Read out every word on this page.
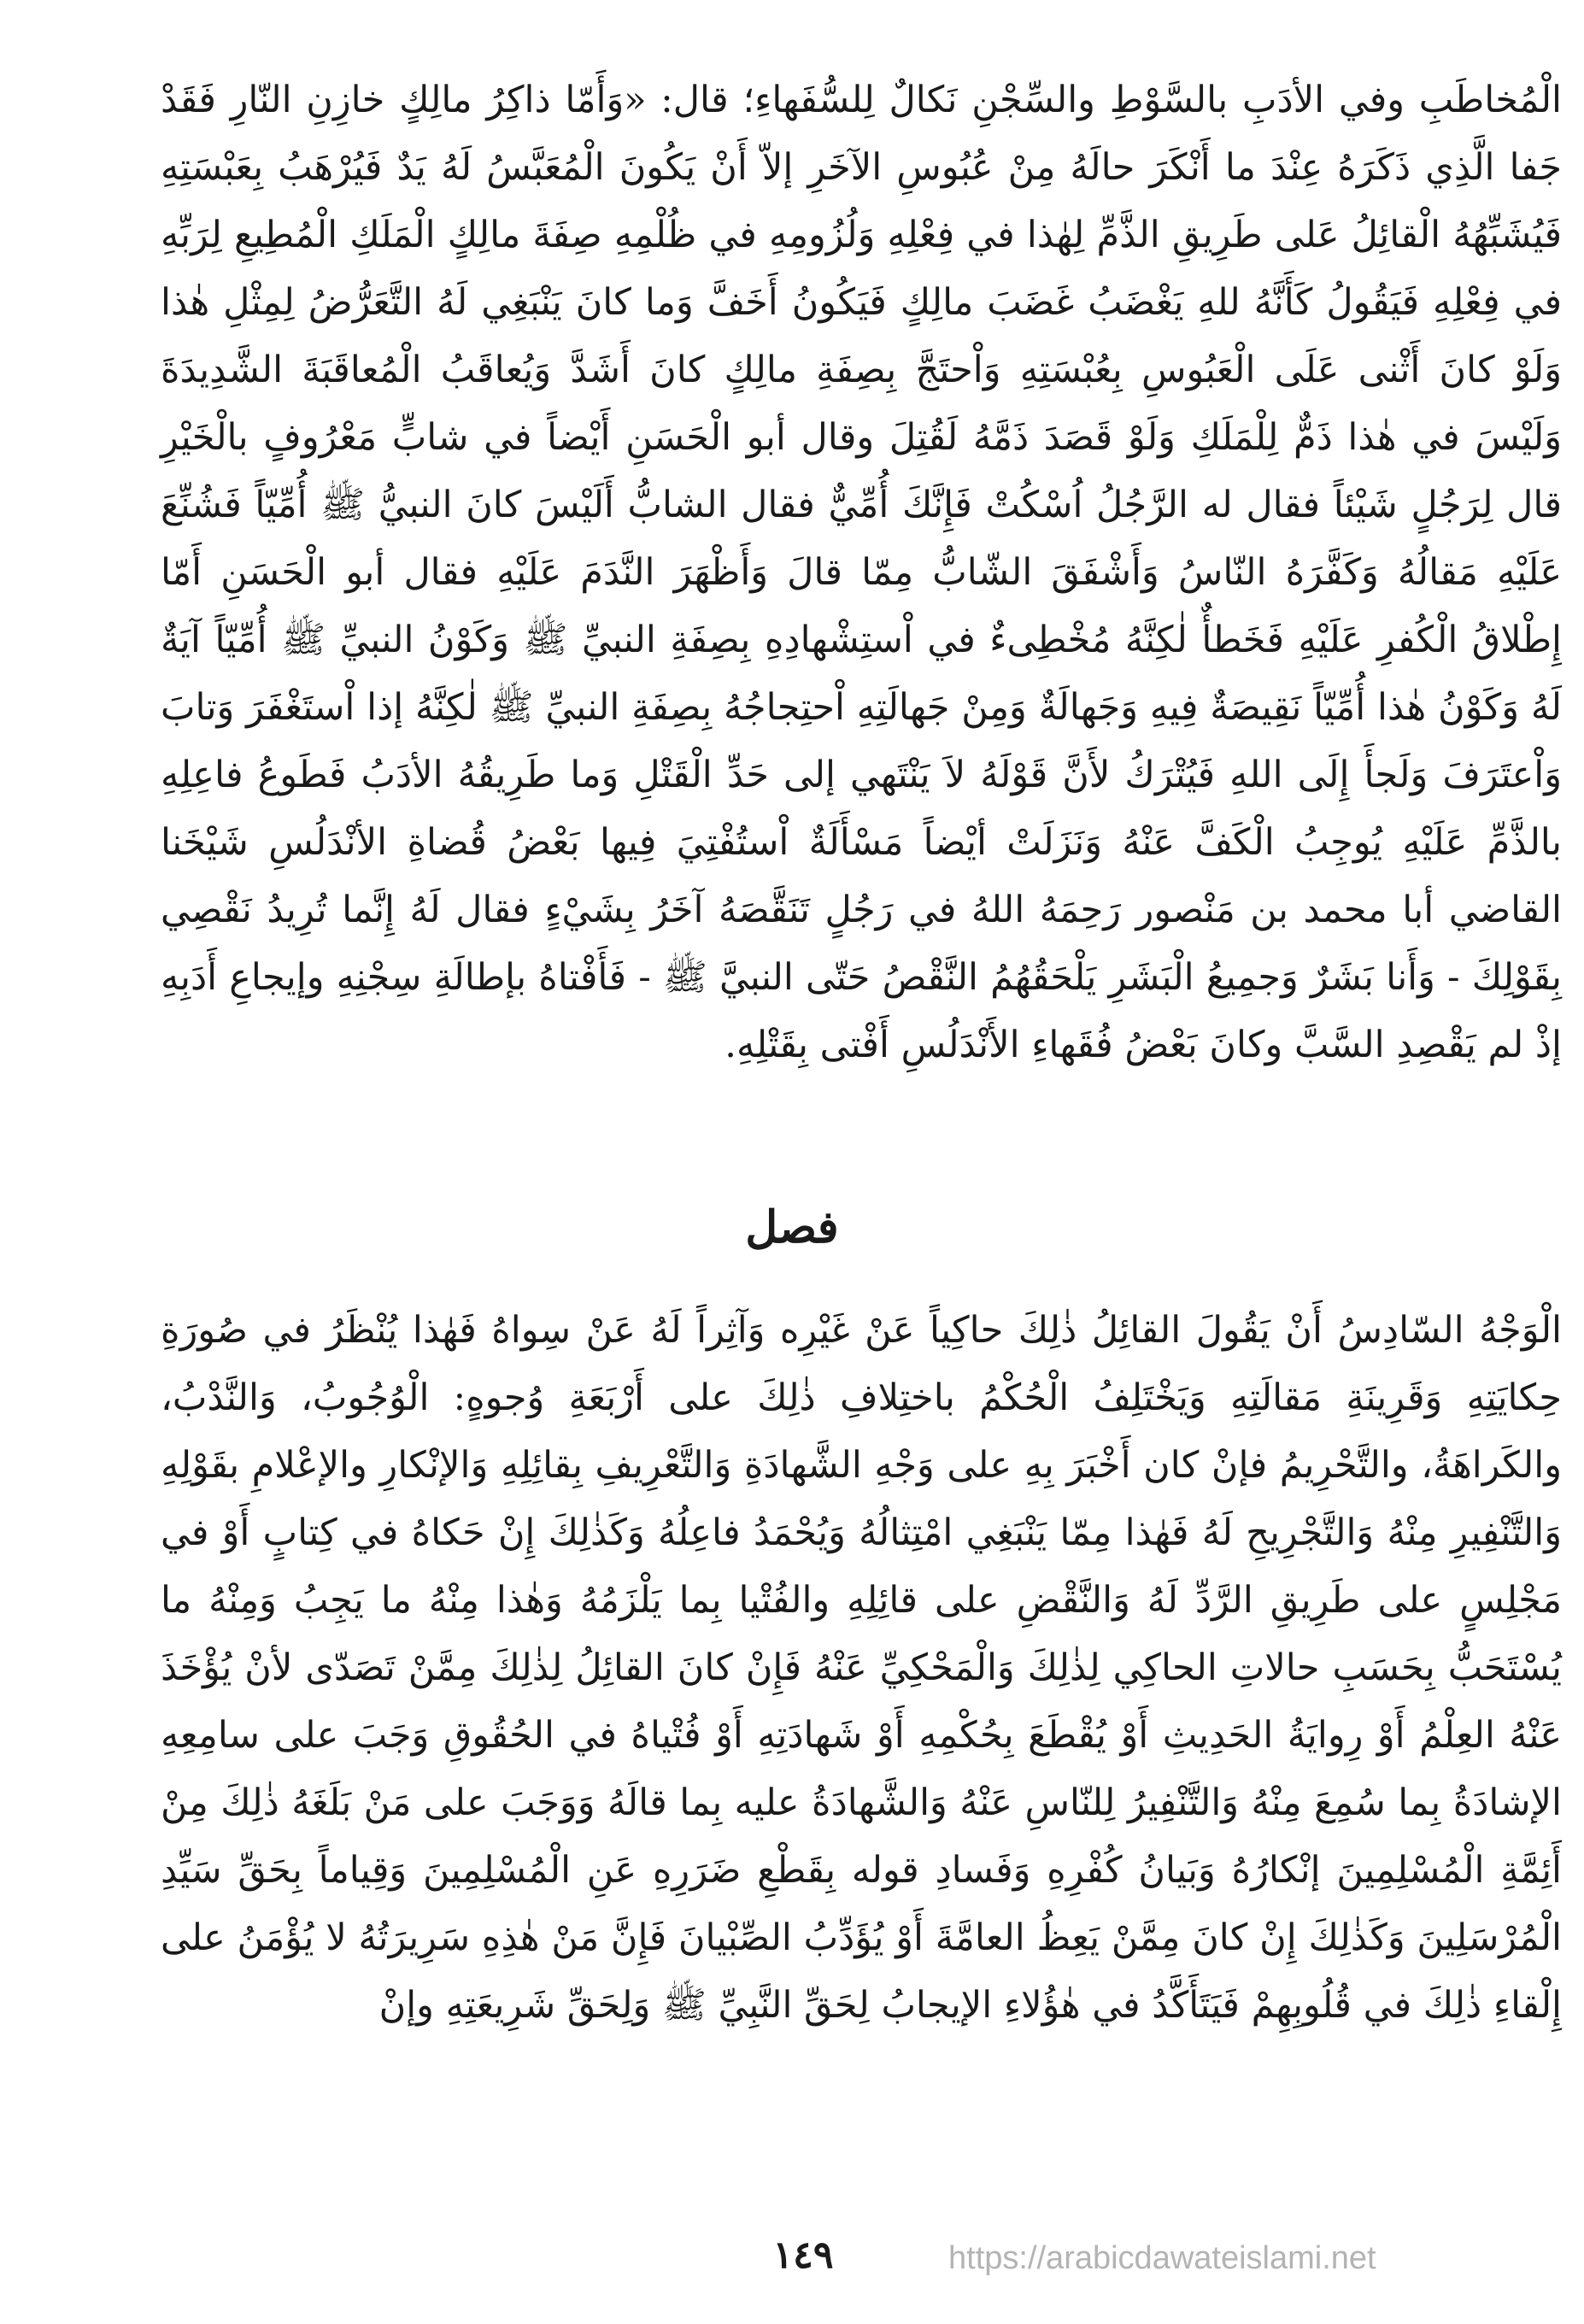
الْمُخاطَبِ وفي الأدَبِ بالسَّوْطِ والسِّجْنِ نَكالٌ لِلسُّفَهاءِ؛ قال: «وَأَمّا ذاكِرُ مالِكٍ خازِنِ النّارِ فَقَدْ جَفا الَّذِي ذَكَرَهُ عِنْدَ ما أَنْكَرَ حالَهُ مِنْ عُبُوسِ الآخَرِ إلاّ أَنْ يَكُونَ الْمُعَبَّسُ لَهُ يَدٌ فَيُرْهَبُ بِعَبْسَتِهِ فَيُشَبِّهُهُ الْقائِلُ عَلى طَرِيقِ الذَّمِّ لِهٰذا في فِعْلِهِ وَلُزُومِهِ في ظُلْمِهِ صِفَةَ مالِكٍ الْمَلَكِ الْمُطِيعِ لِرَبِّهِ في فِعْلِهِ فَيَقُولُ كَأَنَّهُ للهِ يَغْضَبُ غَضَبَ مالِكٍ فَيَكُونُ أَخَفَّ وَما كانَ يَنْبَغِي لَهُ التَّعَرُّضُ لِمِثْلِ هٰذا وَلَوْ كانَ أَثْنى عَلَى الْعَبُوسِ بِعُبْسَتِهِ وَاْحتَجَّ بِصِفَةِ مالِكٍ كانَ أَشَدَّ وَيُعاقَبُ الْمُعاقَبَةَ الشَّدِيدَةَ وَلَيْسَ في هٰذا ذَمٌّ لِلْمَلَكِ وَلَوْ قَصَدَ ذَمَّهُ لَقُتِلَ وقال أبو الْحَسَنِ أَيْضاً في شابٍّ مَعْرُوفٍ بالْخَيْرِ قال لِرَجُلٍ شَيْئاً فقال له الرَّجُلُ اُسْكُتْ فَإِنَّكَ أُمِّيٌّ فقال الشابُّ أَلَيْسَ كانَ النبيُّ ﷺ أُمِّيّاً فَشُنِّعَ عَلَيْهِ مَقالُهُ وَكَفَّرَهُ النّاسُ وَأَشْفَقَ الشّابُّ مِمّا قالَ وَأَظْهَرَ النَّدَمَ عَلَيْهِ فقال أبو الْحَسَنِ أَمّا إِطْلاقُ الْكُفرِ عَلَيْهِ فَخَطأٌ لٰكِنَّهُ مُخْطِىءٌ في اْستِشْهادِهِ بِصِفَةِ النبيِّ ﷺ وَكَوْنُ النبيِّ ﷺ أُمِّيّاً آيَةٌ لَهُ وَكَوْنُ هٰذا أُمِّيّاً نَقِيصَةٌ فِيهِ وَجَهالَةٌ وَمِنْ جَهالَتِهِ اْحتِجاجُهُ بِصِفَةِ النبيِّ ﷺ لٰكِنَّهُ إذا اْستَغْفَرَ وَتابَ وَاْعتَرَفَ وَلَجأَ إِلَى اللهِ فَيُتْرَكُ لأَنَّ قَوْلَهُ لاَ يَنْتَهي إلى حَدِّ الْقَتْلِ وَما طَرِيقُهُ الأدَبُ فَطَوعُ فاعِلِهِ بالذَّمِّ عَلَيْهِ يُوجِبُ الْكَفَّ عَنْهُ وَنَزَلَتْ أيْضاً مَسْأَلَةٌ اْستُفْتِيَ فِيها بَعْضُ قُضاةِ الأنْدَلُسِ شَيْخَنا القاضي أبا محمد بن مَنْصور رَحِمَهُ اللهُ في رَجُلٍ تَنَقَّصَهُ آخَرُ بِشَيْءٍ فقال لَهُ إِنَّما تُرِيدُ نَقْصِي بِقَوْلِكَ - وَأَنا بَشَرٌ وَجمِيعُ الْبَشَرِ يَلْحَقُهُمُ النَّقْصُ حَتّى النبيَّ ﷺ - فَأَفْتاهُ بإطالَةِ سِجْنِهِ وإيجاعِ أَدَبِهِ إذْ لم يَقْصِدِ السَّبَّ وكانَ بَعْضُ فُقَهاءِ الأَنْدَلُسِ أَفْتى بِقَتْلِهِ.

فصل

الْوَجْهُ السّادِسُ أَنْ يَقُولَ القائِلُ ذٰلِكَ حاكِياً عَنْ غَيْرِه وَآثِراً لَهُ عَنْ سِواهُ فَهٰذا يُنْظَرُ في صُورَةِ حِكايَتِهِ وَقَرِينَةِ مَقالَتِهِ وَيَخْتَلِفُ الْحُكْمُ باختِلافِ ذٰلِكَ على أَرْبَعَةِ وُجوهٍ: الْوُجُوبُ، وَالنَّدْبُ، والكَراهَةُ، والتَّحْرِيمُ فإنْ كان أَخْبَرَ بِهِ على وَجْهِ الشَّهادَةِ وَالتَّعْرِيفِ بِقائِلِهِ وَالإنْكارِ والإعْلامِ بقَوْلِهِ وَالتَّنْفِيرِ مِنْهُ وَالتَّجْرِيحِ لَهُ فَهٰذا مِمّا يَنْبَغِي امْتِثالُهُ وَيُحْمَدُ فاعِلُهُ وَكَذٰلِكَ إِنْ حَكاهُ في كِتابٍ أَوْ في مَجْلِسٍ على طَرِيقِ الرَّدِّ لَهُ وَالنَّقْضِ على قائِلِهِ والفُتْيا بِما يَلْزَمُهُ وَهٰذا مِنْهُ ما يَجِبُ وَمِنْهُ ما يُسْتَحَبُّ بِحَسَبِ حالاتِ الحاكِي لِذٰلِكَ وَالْمَحْكِيِّ عَنْهُ فَإِنْ كانَ القائِلُ لِذٰلِكَ مِمَّنْ تَصَدّى لأنْ يُؤْخَذَ عَنْهُ العِلْمُ أَوْ رِوايَةُ الحَدِيثِ أَوْ يُقْطَعَ بِحُكْمِهِ أَوْ شَهادَتِهِ أَوْ فُتْياهُ في الحُقُوقِ وَجَبَ على سامِعِهِ الإشادَةُ بِما سُمِعَ مِنْهُ وَالتَّنْفِيرُ لِلنّاسِ عَنْهُ وَالشَّهادَةُ عليه بِما قالَهُ وَوَجَبَ على مَنْ بَلَغَهُ ذٰلِكَ مِنْ أَئِمَّةِ الْمُسْلِمِينَ إنْكارُهُ وَبَيانُ كُفْرِهِ وَفَسادِ قوله بِقَطْعِ ضَرَرِهِ عَنِ الْمُسْلِمِينَ وَقِياماً بِحَقِّ سَيِّدِ الْمُرْسَلِينَ وَكَذٰلِكَ إِنْ كانَ مِمَّنْ يَعِظُ العامَّةَ أَوْ يُؤَدِّبُ الصِّبْيانَ فَإِنَّ مَنْ هٰذِهِ سَرِيرَتُهُ لا يُؤْمَنُ على إِلْقاءِ ذٰلِكَ في قُلُوبِهِمْ فَيَتَأَكَّدُ في هٰؤُلاءِ الإيجابُ لِحَقِّ النَّبِيِّ ﷺ وَلِحَقِّ شَرِيعَتِهِ وإنْ

١٤٩	https://arabicdawateislami.net
